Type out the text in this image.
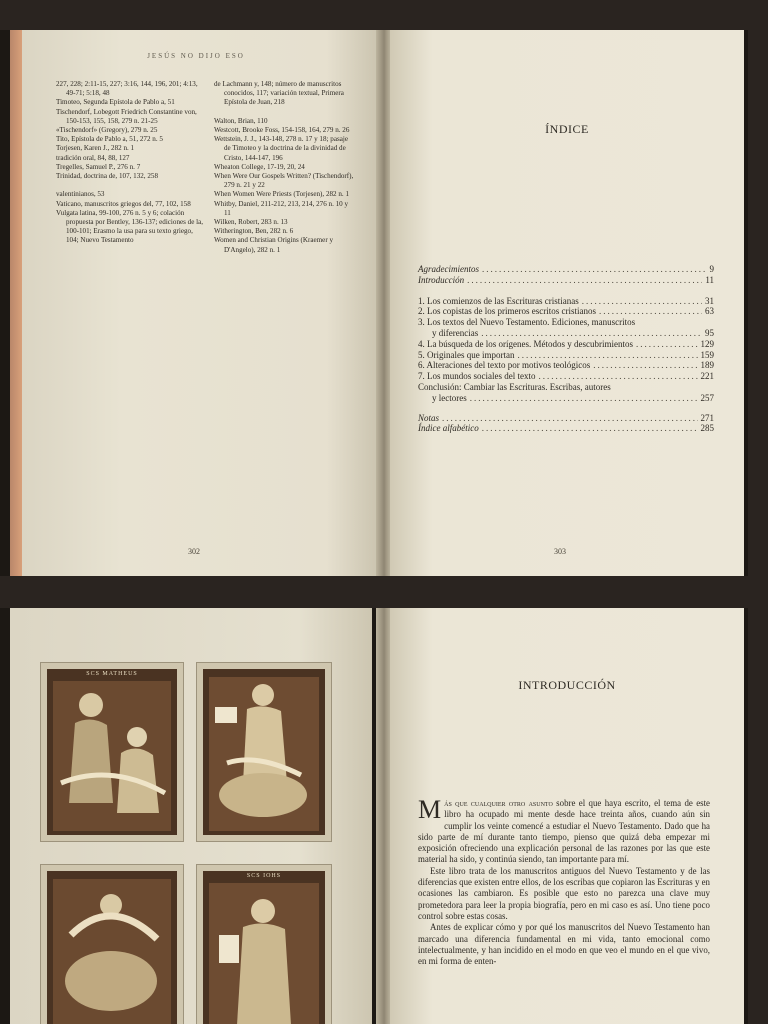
JESÚS NO DIJO ESO

227, 228; 2:11-15, 227; 3:16, 144, 196, 201; 4:13, 49-71; 5:18, 48

Timoteo, Segunda Epístola de Pablo a, 51

Tischendorf, Lobegott Friedrich Constantine von, 150-153, 155, 158, 279 n. 21-25

«Tischendorf» (Gregory), 279 n. 25

Tito, Epístola de Pablo a, 51, 272 n. 5

Torjesen, Karen J., 282 n. 1

tradición oral, 84, 88, 127

Tregelles, Samuel P., 276 n. 7

Trinidad, doctrina de, 107, 132, 258

valentinianos, 53

Vaticano, manuscritos griegos del, 77, 102, 158

Vulgata latina, 99-100, 276 n. 5 y 6; colación propuesta por Bentley, 136-137; ediciones de la, 100-101; Erasmo la usa para su texto griego, 104; Nuevo Testamento

de Lachmann y, 148; número de manuscritos conocidos, 117; variación textual, Primera Epístola de Juan, 218

Walton, Brian, 110

Westcott, Brooke Foss, 154-158, 164, 279 n. 26

Wettstein, J. J., 143-148, 278 n. 17 y 18; pasaje de Timoteo y la doctrina de la divinidad de Cristo, 144-147, 196

Wheaton College, 17-19, 20, 24

When Were Our Gospels Written? (Tischendorf), 279 n. 21 y 22

When Women Were Priests (Torjesen), 282 n. 1

Whitby, Daniel, 211-212, 213, 214, 276 n. 10 y 11

Wilken, Robert, 283 n. 13

Witherington, Ben, 282 n. 6

Women and Christian Origins (Kraemer y D'Angelo), 282 n. 1

302
ÍNDICE
Agradecimientos .....	9
Introducción .....	11
1. Los comienzos de las Escrituras cristianas .....	31
2. Los copistas de los primeros escritos cristianos .....	63
3. Los textos del Nuevo Testamento. Ediciones, manuscritos
y diferencias .....	95
4. La búsqueda de los orígenes. Métodos y descubrimientos .....	129
5. Originales que importan .....	159
6. Alteraciones del texto por motivos teológicos .....	189
7. Los mundos sociales del texto .....	221
Conclusión: Cambiar las Escrituras. Escribas, autores
y lectores .....	257
Notas .....	271
Índice alfabético .....	285
303
SCS MATHEUS
SCS IOHS
INTRODUCCIÓN

Más que cualquier otro asunto sobre el que haya escrito, el tema de este libro ha ocupado mi mente desde hace treinta años, cuando aún sin cumplir los veinte comencé a estudiar el Nuevo Testamento. Dado que ha sido parte de mí durante tanto tiempo, pienso que quizá deba empezar mi exposición ofreciendo una explicación personal de las razones por las que este material ha sido, y continúa siendo, tan importante para mí.

Este libro trata de los manuscritos antiguos del Nuevo Testamento y de las diferencias que existen entre ellos, de los escribas que copiaron las Escrituras y en ocasiones las cambiaron. Es posible que esto no parezca una clave muy prometedora para leer la propia biografía, pero en mi caso es así. Uno tiene poco control sobre estas cosas.

Antes de explicar cómo y por qué los manuscritos del Nuevo Testamento han marcado una diferencia fundamental en mi vida, tanto emocional como intelectualmente, y han incidido en el modo en que veo el mundo en el que vivo, en mi forma de enten-
